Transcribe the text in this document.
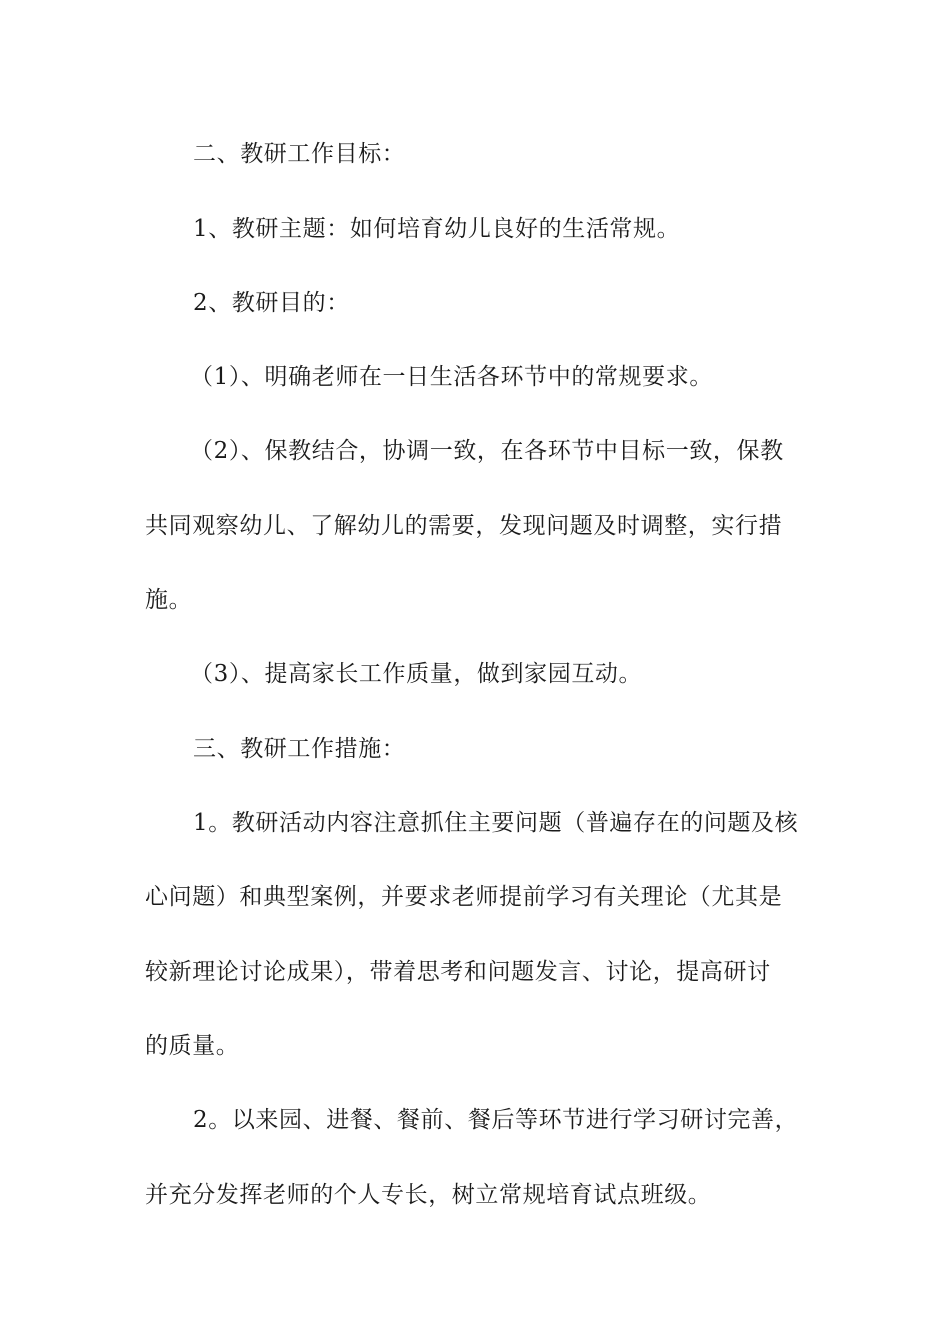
二、教研工作目标：
1、教研主题：如何培育幼儿良好的生活常规。
2、教研目的：
（1）、明确老师在一日生活各环节中的常规要求。
（2）、保教结合，协调一致，在各环节中目标一致，保教
共同观察幼儿、了解幼儿的需要，发现问题及时调整，实行措
施。
（3）、提高家长工作质量，做到家园互动。
三、教研工作措施：
1。教研活动内容注意抓住主要问题（普遍存在的问题及核
心问题）和典型案例，并要求老师提前学习有关理论（尤其是
较新理论讨论成果），带着思考和问题发言、讨论，提高研讨
的质量。
2。以来园、进餐、餐前、餐后等环节进行学习研讨完善，
并充分发挥老师的个人专长，树立常规培育试点班级。
